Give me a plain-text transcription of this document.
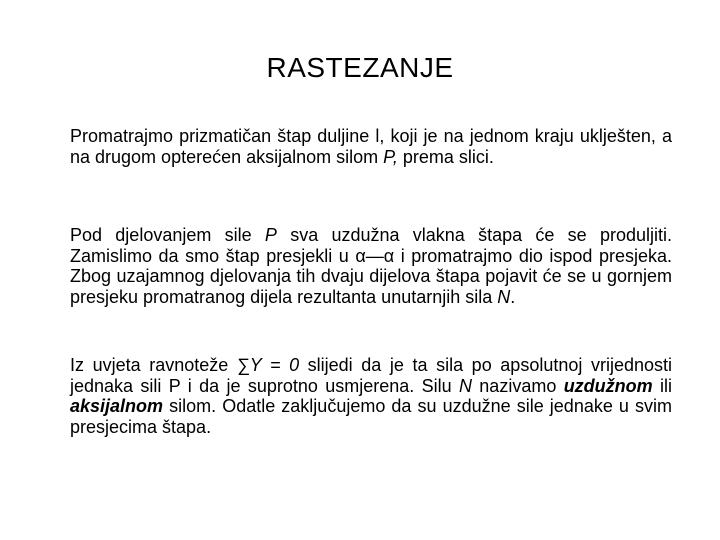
RASTEZANJE

Promatrajmo prizmatičan štap duljine l, koji je na jednom kraju uklješten, a na drugom opterećen aksijalnom silom P, prema slici.

Pod djelovanjem sile P sva uzdužna vlakna štapa će se produljiti. Zamislimo da smo štap presjekli u α—α i promatrajmo dio ispod presjeka. Zbog uzajamnog djelovanja tih dvaju dijelova štapa pojavit će se u gornjem presjeku promatranog dijela rezultanta unutarnjih sila N.

Iz uvjeta ravnoteže ∑Y = 0 slijedi da je ta sila po apsolutnoj vrijednosti jednaka sili P i da je suprotno usmjerena. Silu N nazivamo uzdužnom ili aksijalnom silom. Odatle zaključujemo da su uzdužne sile jednake u svim presjecima štapa.
